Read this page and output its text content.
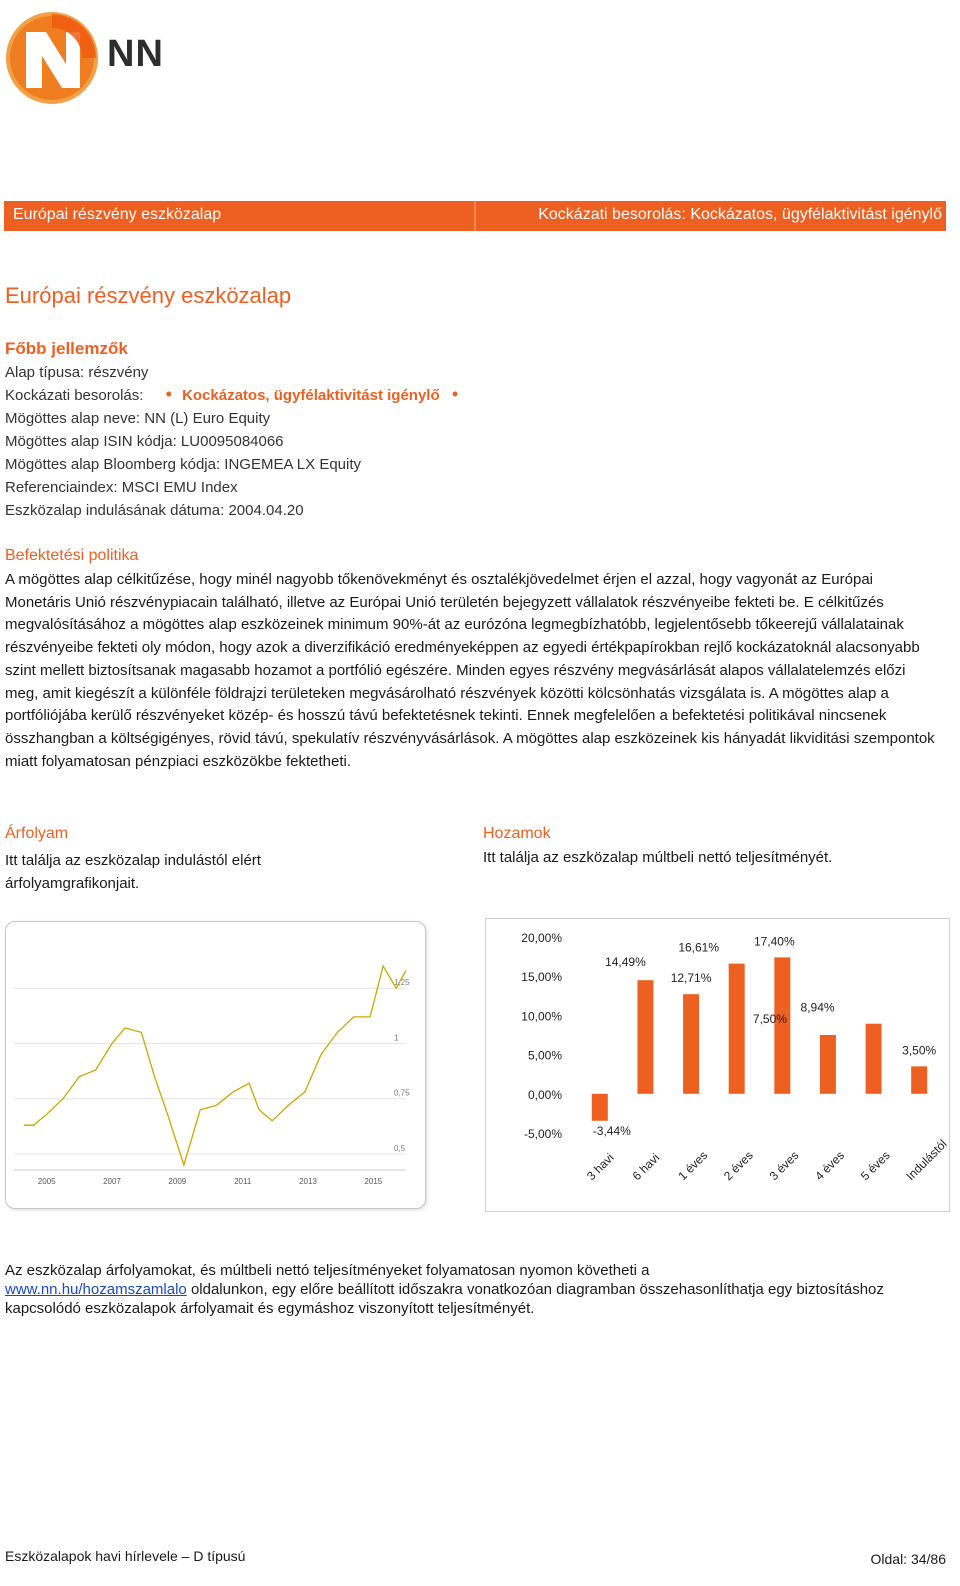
NN
Európai részvény eszközalap	Kockázati besorolás: Kockázatos, ügyfélaktivitást igénylő
Európai részvény eszközalap
Főbb jellemzők
Alap típusa: részvény
Kockázati besorolás: • Kockázatos, ügyfélaktivitást igénylő •
Mögöttes alap neve: NN (L) Euro Equity
Mögöttes alap ISIN kódja: LU0095084066
Mögöttes alap Bloomberg kódja: INGEMEA LX Equity
Referenciaindex: MSCI EMU Index
Eszközalap indulásának dátuma: 2004.04.20
Befektetési politika
A mögöttes alap célkitűzése, hogy minél nagyobb tőkenövekményt és osztalékjövedelmet érjen el azzal, hogy vagyonát az Európai Monetáris Unió részvénypiacain található, illetve az Európai Unió területén bejegyzett vállalatok részvényeibe fekteti be. E célkitűzés megvalósításához a mögöttes alap eszközeinek minimum 90%-át az eurózóna legmegbízhatóbb, legjelentősebb tőkeerejű vállalatainak részvényeibe fekteti oly módon, hogy azok a diverzifikáció eredményeképpen az egyedi értékpapírokban rejlő kockázatoknál alacsonyabb szint mellett biztosítsanak magasabb hozamot a portfólió egészére. Minden egyes részvény megvásárlását alapos vállalatelemzés előzi meg, amit kiegészít a különféle földrajzi területeken megvásárolható részvények közötti kölcsönhatás vizsgálata is. A mögöttes alap a portfóliójába kerülő részvényeket közép- és hosszú távú befektetésnek tekinti. Ennek megfelelően a befektetési politikával nincsenek összhangban a költségigényes, rövid távú, spekulatív részvényvásárlások. A mögöttes alap eszközeinek kis hányadát likviditási szempontok miatt folyamatosan pénzpiaci eszközökbe fektetheti.
Árfolyam
Itt találja az eszközalap indulástól elért árfolyamgrafikonjait.
Hozamok
Itt találja az eszközalap múltbeli nettó teljesítményét.
1,25
1
0,75
0,5
2005	2007	2009	2011	2013	2015
20,00%
15,00%
10,00%
5,00%
0,00%
-5,00%	-3,44%
3 havi
14,49%
6 havi
12,71%
1 éves
16,61%
2 éves
17,40%
3 éves
7,50%
4 éves
8,94%
5 éves
3,50%
Indulástól
Az eszközalap árfolyamokat, és múltbeli nettó teljesítményeket folyamatosan nyomon követheti a
www.nn.hu/hozamszamlalo oldalunkon, egy előre beállított időszakra vonatkozóan diagramban összehasonlíthatja egy biztosításhoz kapcsolódó eszközalapok árfolyamait és egymáshoz viszonyított teljesítményét.
Eszközalapok havi hírlevele – D típusú	Oldal: 34/86
